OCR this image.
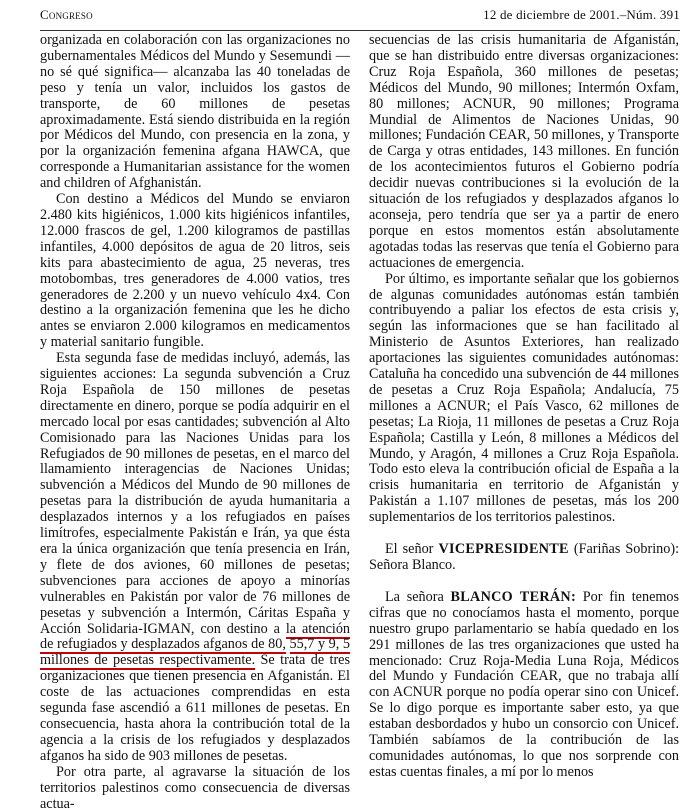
Congreso	12 de diciembre de 2001.–Núm. 391

organizada en colaboración con las organizaciones no gubernamentales Médicos del Mundo y Sesemundi —no sé qué significa— alcanzaba las 40 toneladas de peso y tenía un valor, incluidos los gastos de transporte, de 60 millones de pesetas aproximadamente. Está siendo distribuida en la región por Médicos del Mundo, con presencia en la zona, y por la organización femenina afgana HAWCA, que corresponde a Humanitarian assistance for the women and children of Afghanistán.

Con destino a Médicos del Mundo se enviaron 2.480 kits higiénicos, 1.000 kits higiénicos infantiles, 12.000 frascos de gel, 1.200 kilogramos de pastillas infantiles, 4.000 depósitos de agua de 20 litros, seis kits para abastecimiento de agua, 25 neveras, tres motobombas, tres generadores de 4.000 vatios, tres generadores de 2.200 y un nuevo vehículo 4x4. Con destino a la organización femenina que les he dicho antes se enviaron 2.000 kilogramos en medicamentos y material sanitario fungible.

Esta segunda fase de medidas incluyó, además, las siguientes acciones: La segunda subvención a Cruz Roja Española de 150 millones de pesetas directamente en dinero, porque se podía adquirir en el mercado local por esas cantidades; subvención al Alto Comisionado para las Naciones Unidas para los Refugiados de 90 millones de pesetas, en el marco del llamamiento interagencias de Naciones Unidas; subvención a Médicos del Mundo de 90 millones de pesetas para la distribución de ayuda humanitaria a desplazados internos y a los refugiados en países limítrofes, especialmente Pakistán e Irán, ya que ésta era la única organización que tenía presencia en Irán, y flete de dos aviones, 60 millones de pesetas; subvenciones para acciones de apoyo a minorías vulnerables en Pakistán por valor de 76 millones de pesetas y subvención a Intermón, Cáritas España y Acción Solidaria-IGMAN, con destino a la atención de refugiados y desplazados afganos de 80, 55,7 y 9, 5 millones de pesetas respectivamente. Se trata de tres organizaciones que tienen presencia en Afganistán. El coste de las actuaciones comprendidas en esta segunda fase ascendió a 611 millones de pesetas. En consecuencia, hasta ahora la contribución total de la agencia a la crisis de los refugiados y desplazados afganos ha sido de 903 millones de pesetas.

Por otra parte, al agravarse la situación de los territorios palestinos como consecuencia de diversas actua-

secuencias de las crisis humanitaria de Afganistán, que se han distribuido entre diversas organizaciones: Cruz Roja Española, 360 millones de pesetas; Médicos del Mundo, 90 millones; Intermón Oxfam, 80 millones; ACNUR, 90 millones; Programa Mundial de Alimentos de Naciones Unidas, 90 millones; Fundación CEAR, 50 millones, y Transporte de Carga y otras entidades, 143 millones. En función de los acontecimientos futuros el Gobierno podría decidir nuevas contribuciones si la evolución de la situación de los refugiados y desplazados afganos lo aconseja, pero tendría que ser ya a partir de enero porque en estos momentos están absolutamente agotadas todas las reservas que tenía el Gobierno para actuaciones de emergencia.

Por último, es importante señalar que los gobiernos de algunas comunidades autónomas están también contribuyendo a paliar los efectos de esta crisis y, según las informaciones que se han facilitado al Ministerio de Asuntos Exteriores, han realizado aportaciones las siguientes comunidades autónomas: Cataluña ha concedido una subvención de 44 millones de pesetas a Cruz Roja Española; Andalucía, 75 millones a ACNUR; el País Vasco, 62 millones de pesetas; La Rioja, 11 millones de pesetas a Cruz Roja Española; Castilla y León, 8 millones a Médicos del Mundo, y Aragón, 4 millones a Cruz Roja Española. Todo esto eleva la contribución oficial de España a la crisis humanitaria en territorio de Afganistán y Pakistán a 1.107 millones de pesetas, más los 200 suplementarios de los territorios palestinos.

El señor VICEPRESIDENTE (Fariñas Sobrino): Señora Blanco.

La señora BLANCO TERÁN: Por fin tenemos cifras que no conocíamos hasta el momento, porque nuestro grupo parlamentario se había quedado en los 291 millones de las tres organizaciones que usted ha mencionado: Cruz Roja-Media Luna Roja, Médicos del Mundo y Fundación CEAR, que no trabaja allí con ACNUR porque no podía operar sino con Unicef. Se lo digo porque es importante saber esto, ya que estaban desbordados y hubo un consorcio con Unicef. También sabíamos de la contribución de las comunidades autónomas, lo que nos sorprende con estas cuentas finales, a mí por lo menos
